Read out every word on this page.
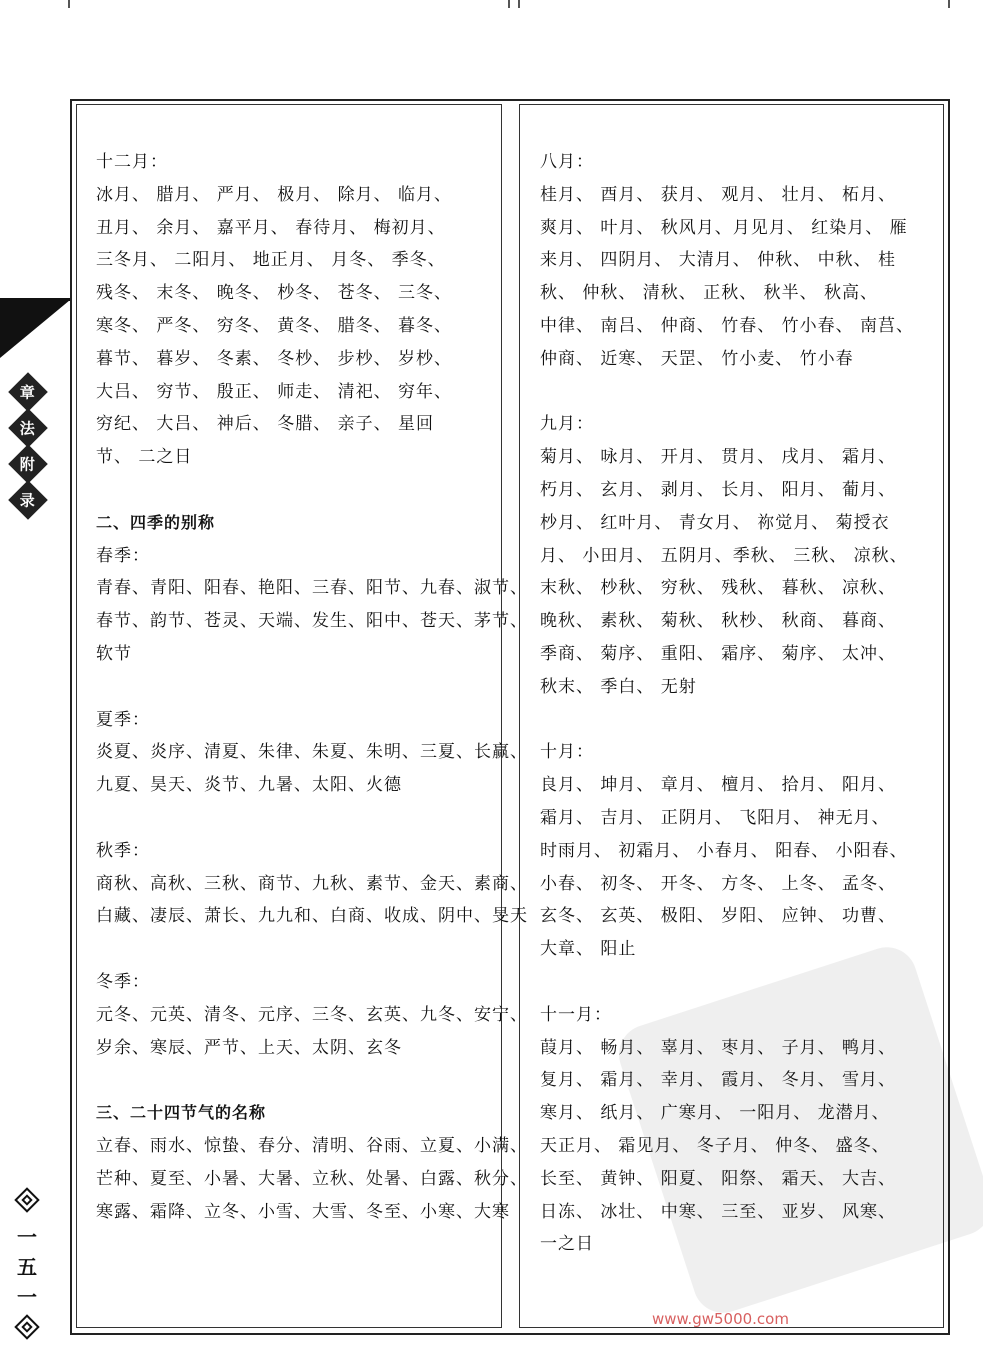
十二月：
冰月、 腊月、 严月、 极月、 除月、 临月、
丑月、 余月、 嘉平月、 春待月、 梅初月、
三冬月、 二阳月、 地正月、 月冬、 季冬、
残冬、 末冬、 晚冬、 杪冬、 苍冬、 三冬、
寒冬、 严冬、 穷冬、 黄冬、 腊冬、 暮冬、
暮节、 暮岁、 冬素、 冬杪、 步杪、 岁杪、
大吕、 穷节、 殷正、 师走、 清祀、 穷年、
穷纪、 大吕、 神后、 冬腊、 亲子、 星回
节、 二之日
二、四季的别称
春季：
青春、青阳、阳春、艳阳、三春、阳节、九春、淑节、
春节、韵节、苍灵、天端、发生、阳中、苍天、茅节、
软节
夏季：
炎夏、炎序、清夏、朱律、朱夏、朱明、三夏、长赢、
九夏、昊天、炎节、九暑、太阳、火德
秋季：
商秋、高秋、三秋、商节、九秋、素节、金天、素商、
白藏、凄辰、萧长、九九和、白商、收成、阴中、旻天
冬季：
元冬、元英、清冬、元序、三冬、玄英、九冬、安宁、
岁余、寒辰、严节、上天、太阴、玄冬
三、二十四节气的名称
立春、雨水、惊蛰、春分、清明、谷雨、立夏、小满、
芒种、夏至、小暑、大暑、立秋、处暑、白露、秋分、
寒露、霜降、立冬、小雪、大雪、冬至、小寒、大寒
八月：
桂月、 酉月、 获月、 观月、 壮月、 柘月、
爽月、 叶月、 秋风月、月见月、 红染月、 雁
来月、 四阴月、 大清月、 仲秋、 中秋、 桂
秋、 仲秋、 清秋、 正秋、 秋半、 秋高、
中律、 南吕、 仲商、 竹春、 竹小春、 南莒、
仲商、 近寒、 天罡、 竹小麦、 竹小春
九月：
菊月、 咏月、 开月、 贯月、 戌月、 霜月、
朽月、 玄月、 剥月、 长月、 阳月、 葡月、
杪月、 红叶月、 青女月、 祢觉月、 菊授衣
月、 小田月、 五阴月、季秋、 三秋、 凉秋、
末秋、 杪秋、 穷秋、 残秋、 暮秋、 凉秋、
晚秋、 素秋、 菊秋、 秋杪、 秋商、 暮商、
季商、 菊序、 重阳、 霜序、 菊序、 太冲、
秋末、 季白、 无射
十月：
良月、 坤月、 章月、 檀月、 拾月、 阳月、
霜月、 吉月、 正阴月、 飞阳月、 神无月、
时雨月、 初霜月、 小春月、 阳春、 小阳春、
小春、 初冬、 开冬、 方冬、 上冬、 孟冬、
玄冬、 玄英、 极阳、 岁阳、 应钟、 功曹、
大章、 阳止
十一月：
葭月、 畅月、 辜月、 枣月、 子月、 鸭月、
复月、 霜月、 幸月、 霞月、 冬月、 雪月、
寒月、 纸月、 广寒月、 一阳月、 龙潜月、
天正月、 霜见月、 冬子月、 仲冬、 盛冬、
长至、 黄钟、 阳夏、 阳祭、 霜天、 大吉、
日冻、 冰壮、 中寒、 三至、 亚岁、 风寒、
一之日
章
法
附
录
一
五
一
www.gw5000.com
